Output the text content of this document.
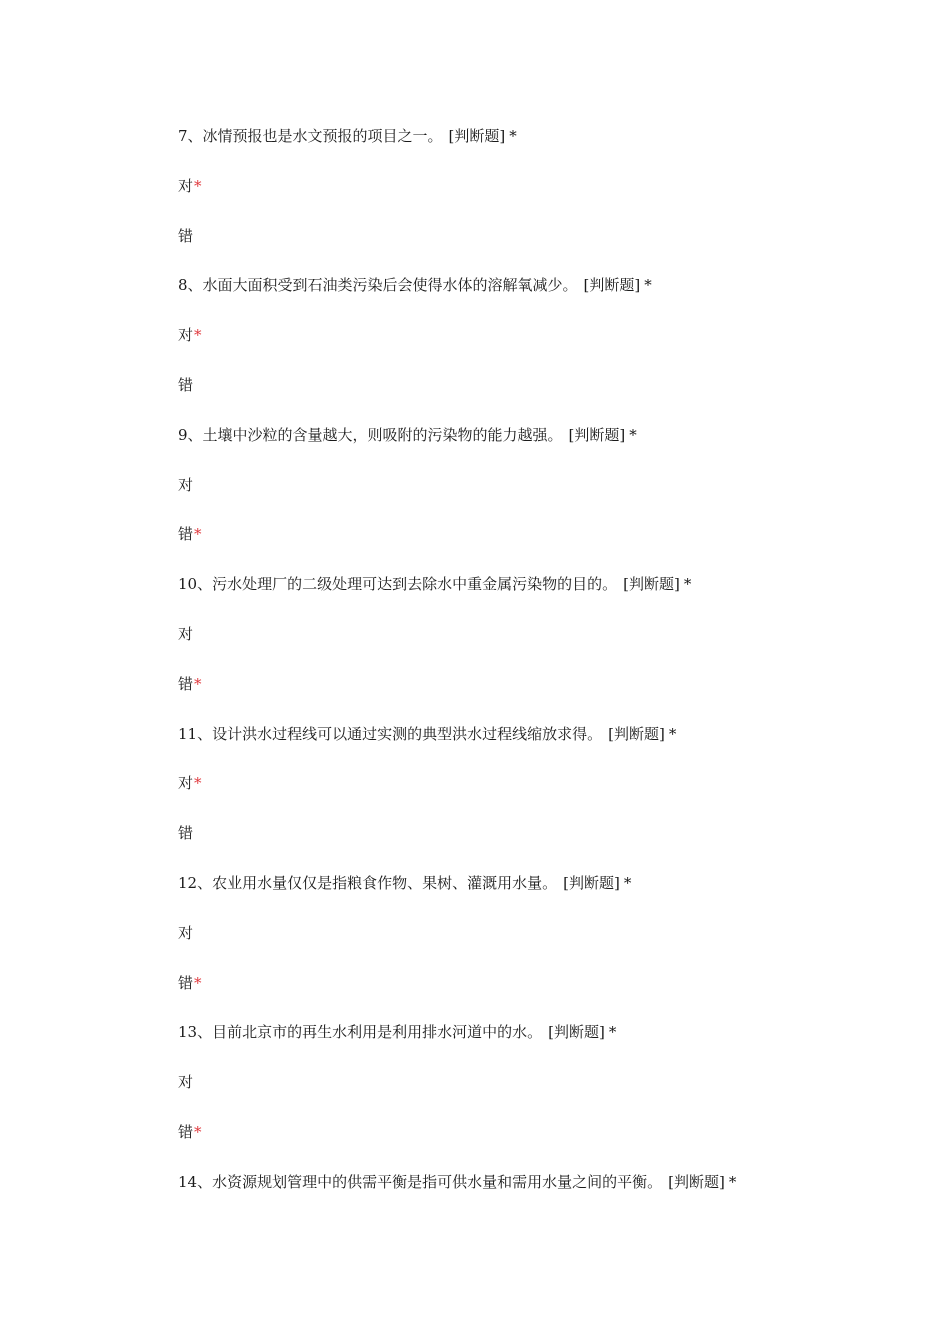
7、冰情预报也是水文预报的项目之一。 [判断题] *

对*

错

8、水面大面积受到石油类污染后会使得水体的溶解氧减少。 [判断题] *

对*

错

9、土壤中沙粒的含量越大，则吸附的污染物的能力越强。 [判断题] *

对

错*

10、污水处理厂的二级处理可达到去除水中重金属污染物的目的。 [判断题] *

对

错*

11、设计洪水过程线可以通过实测的典型洪水过程线缩放求得。 [判断题] *

对*

错

12、农业用水量仅仅是指粮食作物、果树、灌溉用水量。 [判断题] *

对

错*

13、目前北京市的再生水利用是利用排水河道中的水。 [判断题] *

对

错*

14、水资源规划管理中的供需平衡是指可供水量和需用水量之间的平衡。 [判断题] *
